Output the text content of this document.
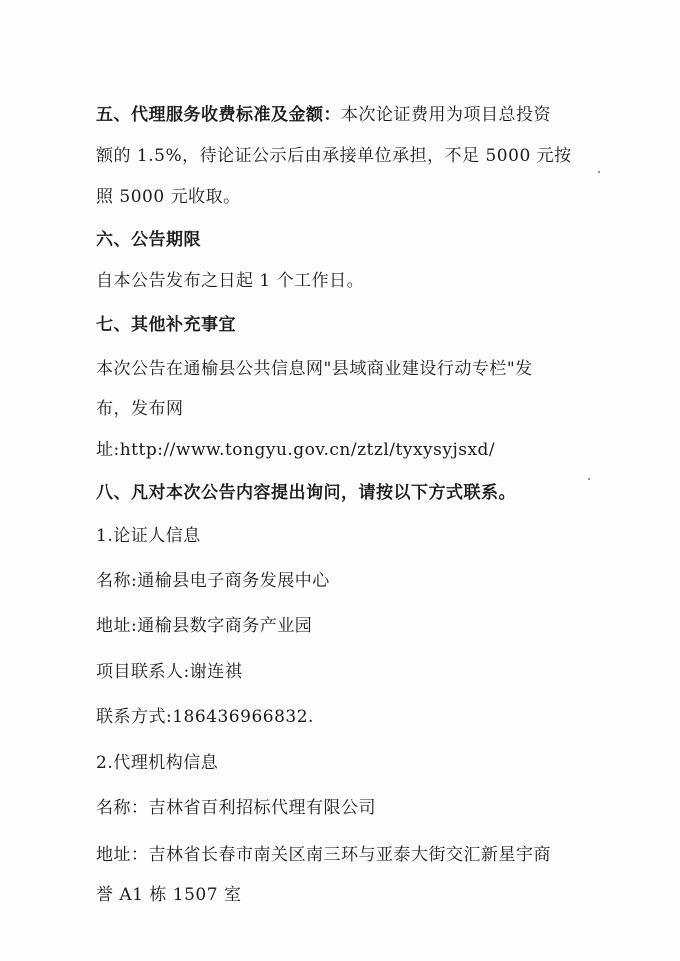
五、代理服务收费标准及金额：本次论证费用为项目总投资
额的 1.5%，待论证公示后由承接单位承担，不足 5000 元按
照 5000 元收取。
六、公告期限
自本公告发布之日起 1 个工作日。
七、其他补充事宜
本次公告在通榆县公共信息网"县域商业建设行动专栏"发
布，发布网
址:http://www.tongyu.gov.cn/ztzl/tyxysyjsxd/
八、凡对本次公告内容提出询问，请按以下方式联系。
1.论证人信息
名称:通榆县电子商务发展中心
地址:通榆县数字商务产业园
项目联系人:谢连祺
联系方式:186436966832.
2.代理机构信息
名称：吉林省百利招标代理有限公司
地址：吉林省长春市南关区南三环与亚泰大街交汇新星宇商
誉 A1 栋 1507 室
